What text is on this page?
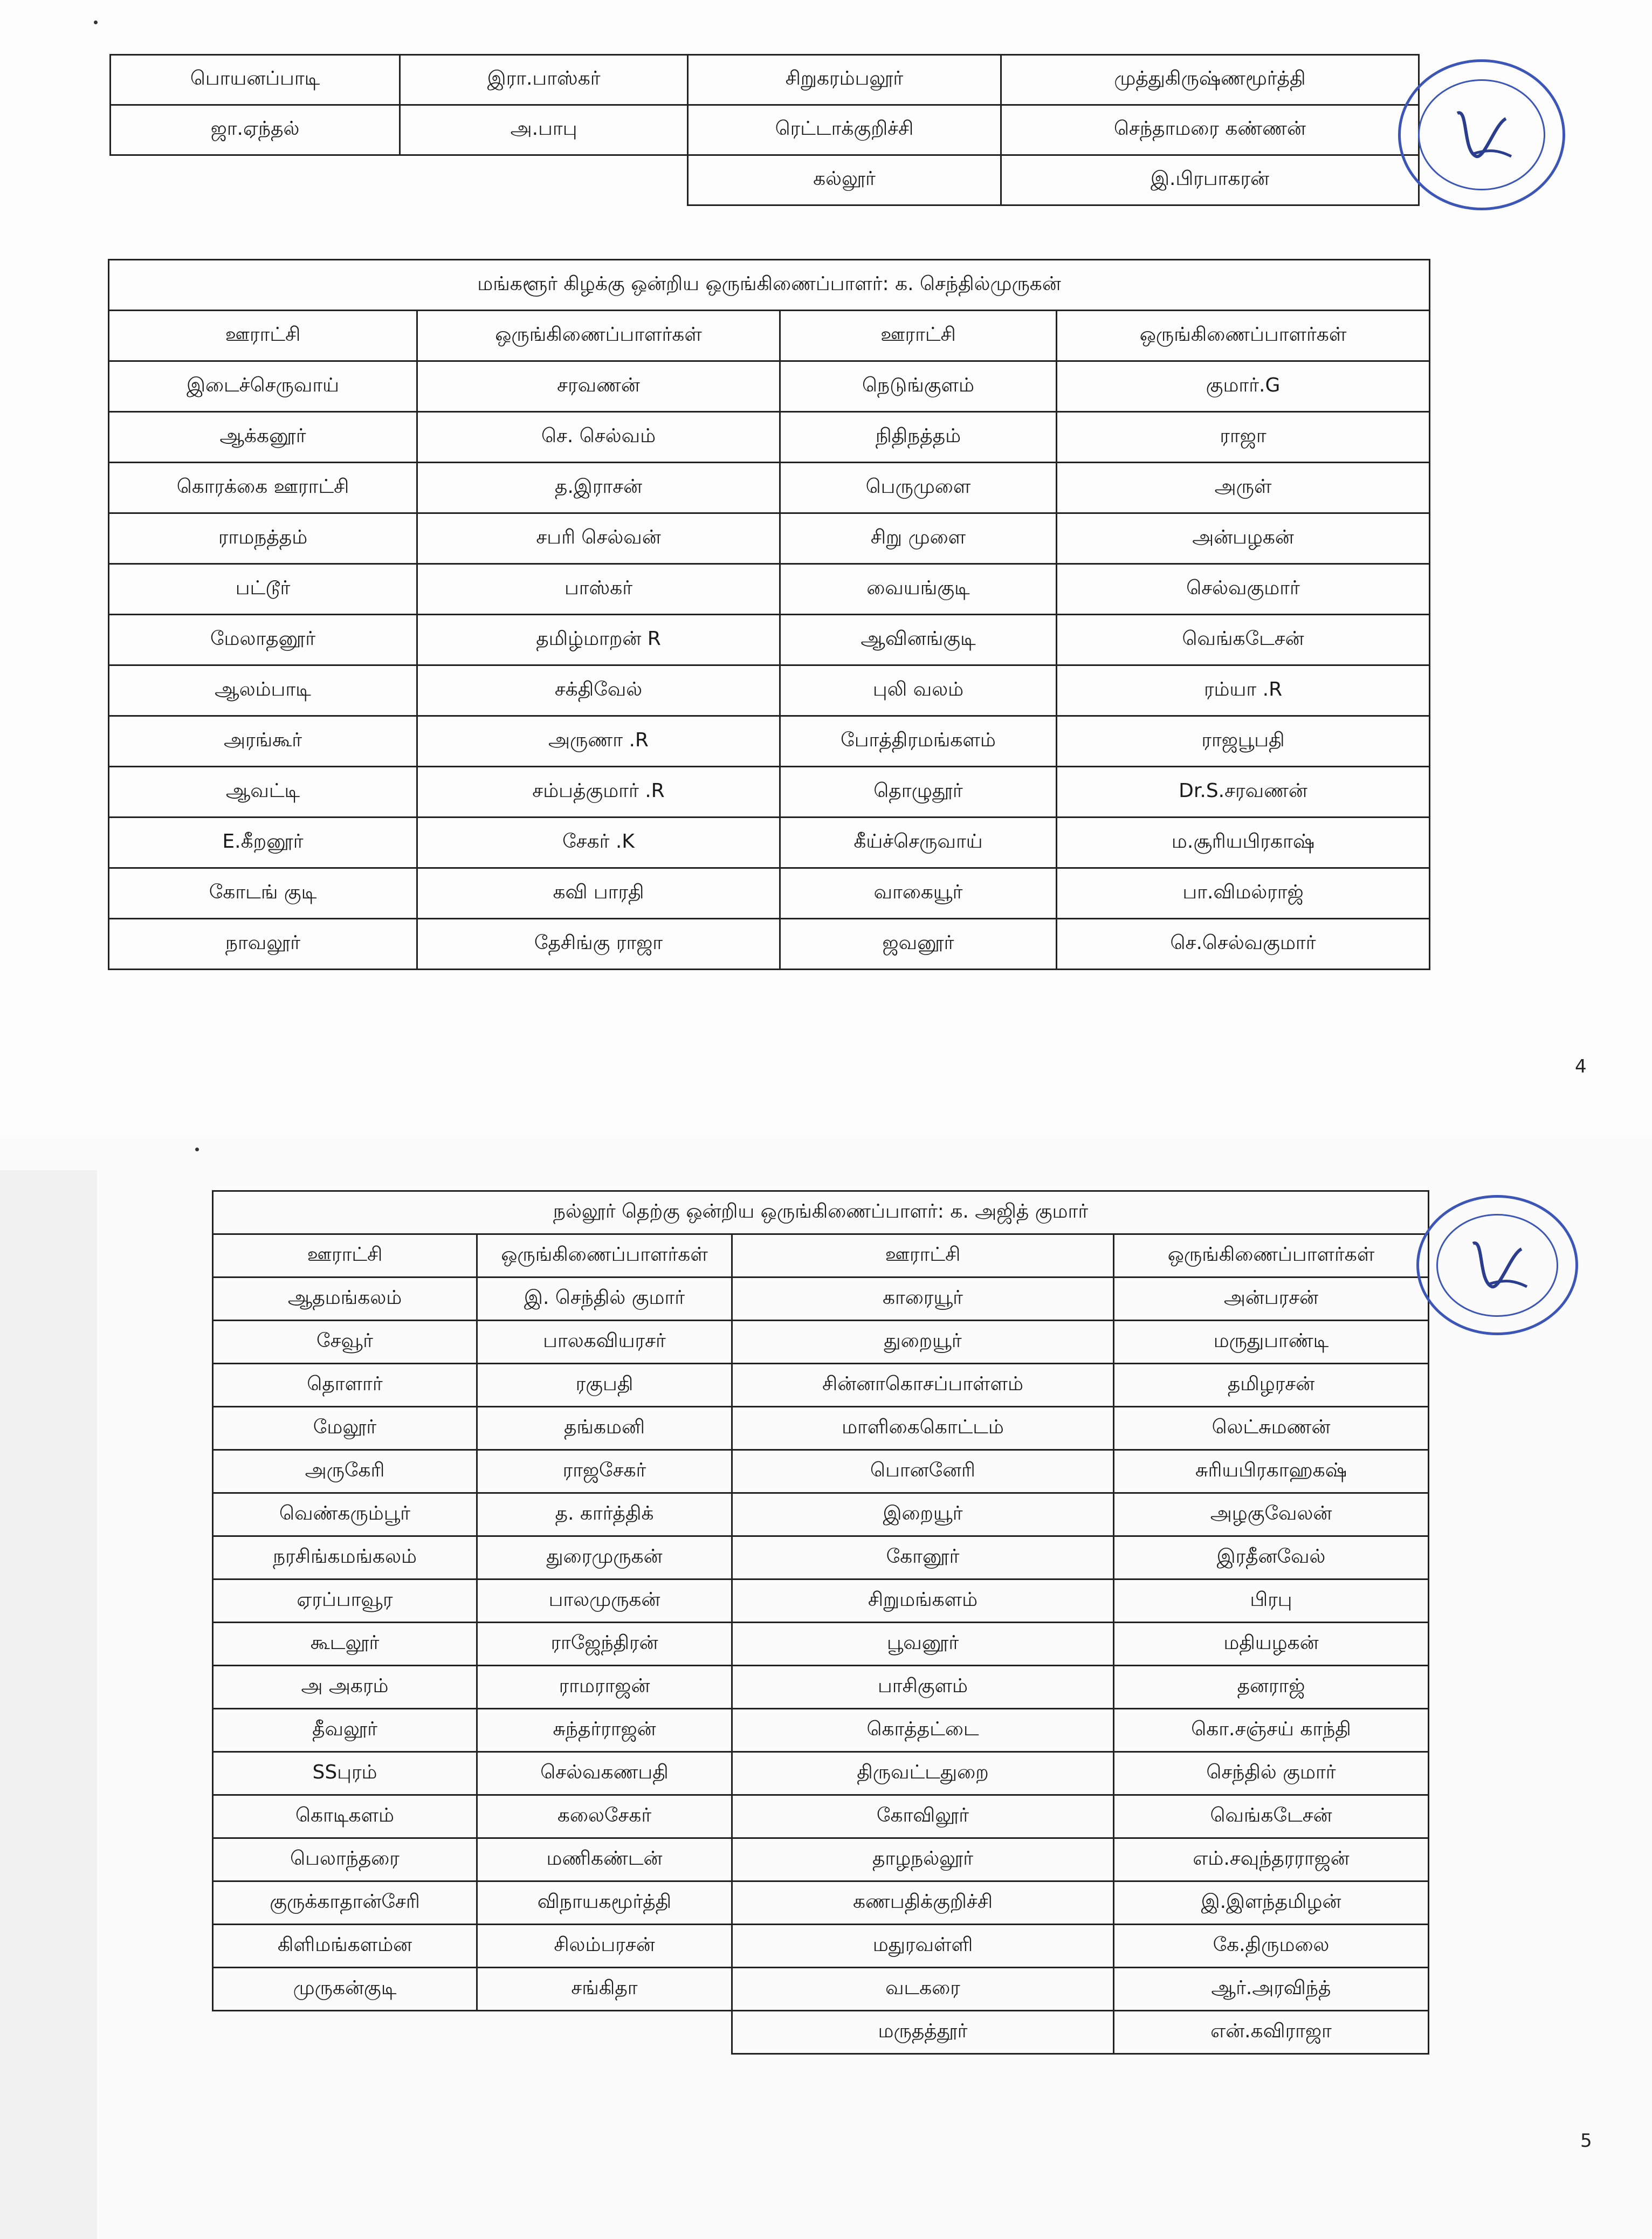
பொயனப்பாடி	இரா.பாஸ்கர்	சிறுகரம்பலூர்	முத்துகிருஷ்ணமூர்த்தி
ஜா.ஏந்தல்	அ.பாபு	ரெட்டாக்குறிச்சி	செந்தாமரை கண்ணன்
		கல்லூர்	இ.பிரபாகரன்
மங்களூர் கிழக்கு ஒன்றிய ஒருங்கிணைப்பாளர்: க. செந்தில்முருகன்			
ஊராட்சி	ஒருங்கிணைப்பாளர்கள்	ஊராட்சி	ஒருங்கிணைப்பாளர்கள்
இடைச்செருவாய்	சரவணன்	நெடுங்குளம்	குமார்.G
ஆக்கனூர்	செ. செல்வம்	நிதிநத்தம்	ராஜா
கொரக்கை ஊராட்சி	த.இராசன்	பெருமுளை	அருள்
ராமநத்தம்	சபரி செல்வன்	சிறு முளை	அன்பழகன்
பட்டூர்	பாஸ்கர்	வையங்குடி	செல்வகுமார்
மேலாதனூர்	தமிழ்மாறன் R	ஆவினங்குடி	வெங்கடேசன்
ஆலம்பாடி	சக்திவேல்	புலி வலம்	ரம்யா .R
அரங்கூர்	அருணா .R	போத்திரமங்களம்	ராஜபூபதி
ஆவட்டி	சம்பத்குமார் .R	தொழுதூர்	Dr.S.சரவணன்
E.கீறனூர்	சேகர் .K	கீய்ச்செருவாய்	ம.சூரியபிரகாஷ்
கோடங் குடி	கவி பாரதி	வாகையூர்	பா.விமல்ராஜ்
நாவலூர்	தேசிங்கு ராஜா	ஜவனூர்	செ.செல்வகுமார்
4
நல்லூர் தெற்கு ஒன்றிய ஒருங்கிணைப்பாளர்: க. அஜித் குமார்			
ஊராட்சி	ஒருங்கிணைப்பாளர்கள்	ஊராட்சி	ஒருங்கிணைப்பாளர்கள்
ஆதமங்கலம்	இ. செந்தில் குமார்	காரையூர்	அன்பரசன்
சேவூர்	பாலகவியரசர்	துறையூர்	மருதுபாண்டி
தொளார்	ரகுபதி	சின்னாகொசப்பாள்ளம்	தமிழரசன்
மேலூர்	தங்கமனி	மாளிகைகொட்டம்	லெட்சுமணன்
அருகேரி	ராஜசேகர்	பொனனேரி	சுரியபிரகாஹகஷ்
வெண்கரும்பூர்	த. கார்த்திக்	இறையூர்	அழகுவேலன்
நரசிங்கமங்கலம்	துரைமுருகன்	கோனூர்	இரதீனவேல்
ஏரப்பாவூர	பாலமுருகன்	சிறுமங்களம்	பிரபு
கூடலூர்	ராஜேந்திரன்	பூவனூர்	மதியழகன்
அ அகரம்	ராமராஜன்	பாசிகுளம்	தனராஜ்
தீவலூர்	சுந்தர்ராஜன்	கொத்தட்டை	கொ.சஞ்சய் காந்தி
SSபுரம்	செல்வகணபதி	திருவட்டதுறை	செந்தில் குமார்
கொடிகளம்	கலைசேகர்	கோவிலூர்	வெங்கடேசன்
பெலாந்தரை	மணிகண்டன்	தாழநல்லூர்	எம்.சவுந்தரராஜன்
குருக்காதான்சேரி	விநாயகமூர்த்தி	கணபதிக்குறிச்சி	இ.இளந்தமிழன்
கிளிமங்களம்ன	சிலம்பரசன்	மதுரவள்ளி	கே.திருமலை
முருகன்குடி	சங்கிதா	வடகரை	ஆர்.அரவிந்த்
		மருதத்தூர்	என்.கவிராஜா
5
